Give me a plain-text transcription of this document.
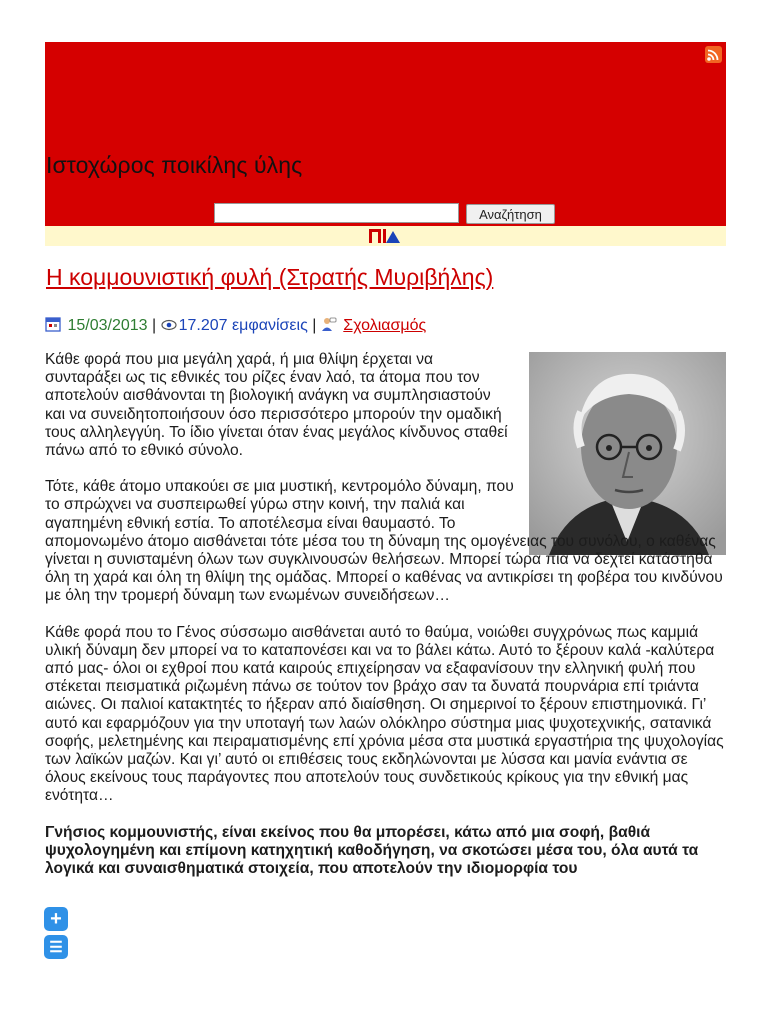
Ιστοχώρος ποικίλης ύλης
Αναζήτηση
Η κομμουνιστική φυλή (Στρατής Μυριβήλης)
15/03/2013 | 17.207 εμφανίσεις | Σχολιασμός

Κάθε φορά που μια μεγάλη χαρά, ή μια θλίψη έρχεται να συνταράξει ως τις εθνικές του ρίζες έναν λαό, τα άτομα που τον αποτελούν αισθάνονται τη βιολογική ανάγκη να συμπλησιαστούν και να συνειδητοποιήσουν όσο περισσότερο μπορούν την ομαδική τους αλληλεγγύη. Το ίδιο γίνεται όταν ένας μεγάλος κίνδυνος σταθεί πάνω από το εθνικό σύνολο.

Τότε, κάθε άτομο υπακούει σε μια μυστική, κεντρομόλο δύναμη, που το σπρώχνει να συσπειρωθεί γύρω στην κοινή, την παλιά και αγαπημένη εθνική εστία. Το αποτέλεσμα είναι θαυμαστό. Το απομονωμένο άτομο αισθάνεται τότε μέσα του τη δύναμη της ομογένειας του συνόλου, ο καθένας γίνεται η συνισταμένη όλων των συγκλινουσών θελήσεων. Μπορεί τώρα πια να δεχτεί κατάστηθα όλη τη χαρά και όλη τη θλίψη της ομάδας. Μπορεί ο καθένας να αντικρίσει τη φοβέρα του κινδύνου με όλη την τρομερή δύναμη των ενωμένων συνειδήσεων…

Κάθε φορά που το Γένος σύσσωμο αισθάνεται αυτό το θαύμα, νοιώθει συγχρόνως πως καμμιά υλική δύναμη δεν μπορεί να το καταπονέσει και να το βάλει κάτω. Αυτό το ξέρουν καλά -καλύτερα από μας- όλοι οι εχθροί που κατά καιρούς επιχείρησαν να εξαφανίσουν την ελληνική φυλή που στέκεται πεισματικά ριζωμένη πάνω σε τούτον τον βράχο σαν τα δυνατά πουρνάρια επί τριάντα αιώνες. Οι παλιοί κατακτητές το ήξεραν από διαίσθηση. Οι σημερινοί το ξέρουν επιστημονικά. Γι’ αυτό και εφαρμόζουν για την υποταγή των λαών ολόκληρο σύστημα μιας ψυχοτεχνικής, σατανικά σοφής, μελετημένης και πειραματισμένης επί χρόνια μέσα στα μυστικά εργαστήρια της ψυχολογίας των λαϊκών μαζών. Και γι’ αυτό οι επιθέσεις τους εκδηλώνονται με λύσσα και μανία ενάντια σε όλους εκείνους τους παράγοντες που αποτελούν τους συνδετικούς κρίκους για την εθνική μας ενότητα…

Γνήσιος κομμουνιστής, είναι εκείνος που θα μπορέσει, κάτω από μια σοφή, βαθιά ψυχολογημένη και επίμονη κατηχητική καθοδήγηση, να σκοτώσει μέσα του, όλα αυτά τα λογικά και συναισθηματικά στοιχεία, που αποτελούν την ιδιομορφία του

+
☰
